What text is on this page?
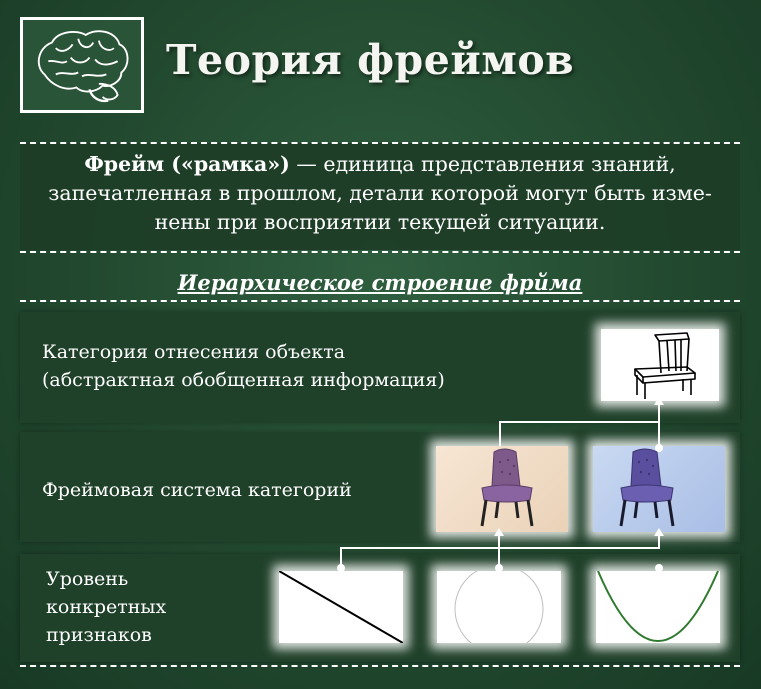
Теория фреймов
Фрейм («рамка») — единица представления знаний,
запечатленная в прошлом, детали которой могут быть изме-
нены при восприятии текущей ситуации.
Иерархическое строение фрйма
Категория отнесения объекта
(абстрактная обобщенная информация)
Фреймовая система категорий
Уровень
конкретных
признаков
